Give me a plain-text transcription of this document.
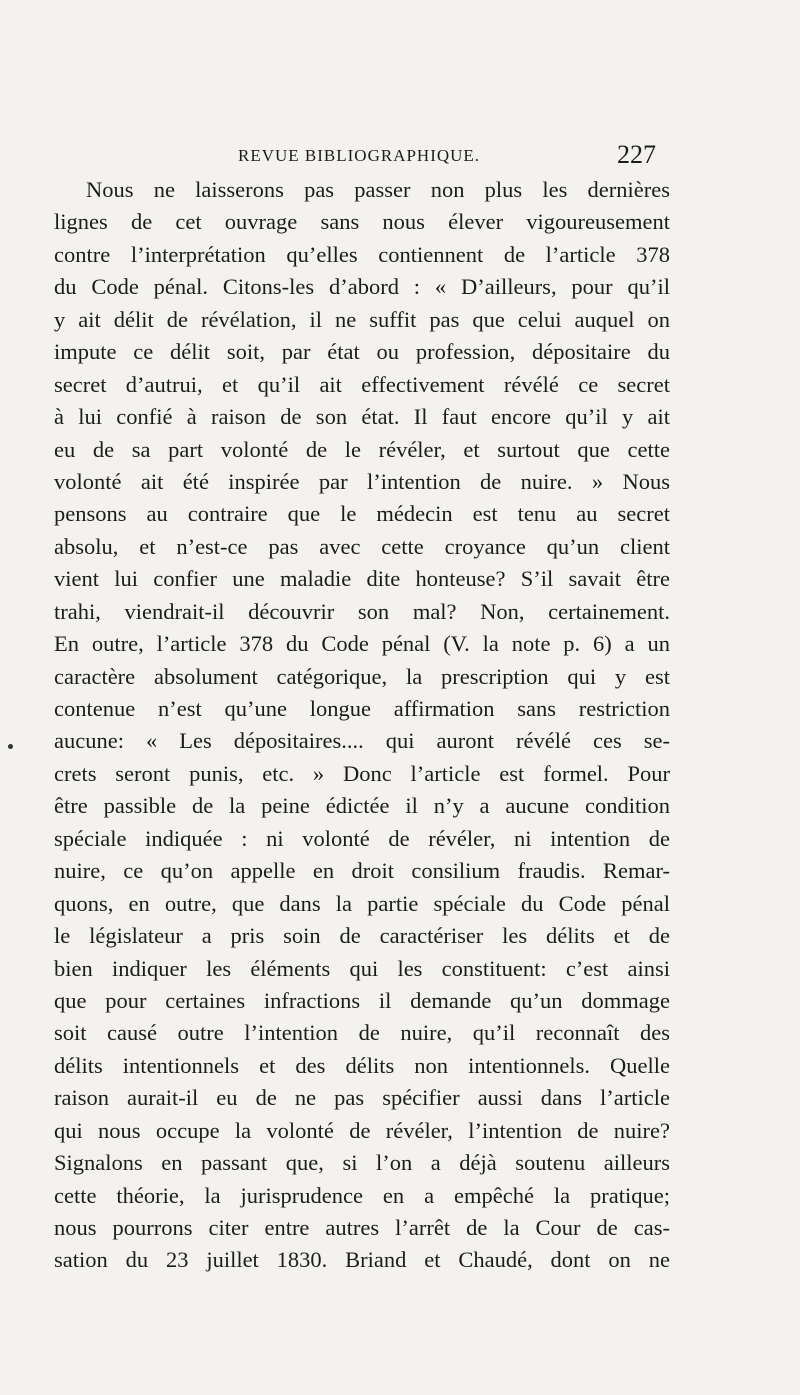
REVUE BIBLIOGRAPHIQUE.	227
Nous ne laisserons pas passer non plus les dernières
lignes de cet ouvrage sans nous élever vigoureusement
contre l’interprétation qu’elles contiennent de l’article 378
du Code pénal. Citons-les d’abord : « D’ailleurs, pour qu’il
y ait délit de révélation, il ne suffit pas que celui auquel on
impute ce délit soit, par état ou profession, dépositaire du
secret d’autrui, et qu’il ait effectivement révélé ce secret
à lui confié à raison de son état. Il faut encore qu’il y ait
eu de sa part volonté de le révéler, et surtout que cette
volonté ait été inspirée par l’intention de nuire. » Nous
pensons au contraire que le médecin est tenu au secret
absolu, et n’est-ce pas avec cette croyance qu’un client
vient lui confier une maladie dite honteuse? S’il savait être
trahi, viendrait-il découvrir son mal? Non, certainement.
En outre, l’article 378 du Code pénal (V. la note p. 6) a un
caractère absolument catégorique, la prescription qui y est
contenue n’est qu’une longue affirmation sans restriction
aucune: « Les dépositaires.... qui auront révélé ces se-
crets seront punis, etc. » Donc l’article est formel. Pour
être passible de la peine édictée il n’y a aucune condition
spéciale indiquée : ni volonté de révéler, ni intention de
nuire, ce qu’on appelle en droit consilium fraudis. Remar-
quons, en outre, que dans la partie spéciale du Code pénal
le législateur a pris soin de caractériser les délits et de
bien indiquer les éléments qui les constituent: c’est ainsi
que pour certaines infractions il demande qu’un dommage
soit causé outre l’intention de nuire, qu’il reconnaît des
délits intentionnels et des délits non intentionnels. Quelle
raison aurait-il eu de ne pas spécifier aussi dans l’article
qui nous occupe la volonté de révéler, l’intention de nuire?
Signalons en passant que, si l’on a déjà soutenu ailleurs
cette théorie, la jurisprudence en a empêché la pratique;
nous pourrons citer entre autres l’arrêt de la Cour de cas-
sation du 23 juillet 1830. Briand et Chaudé, dont on ne
